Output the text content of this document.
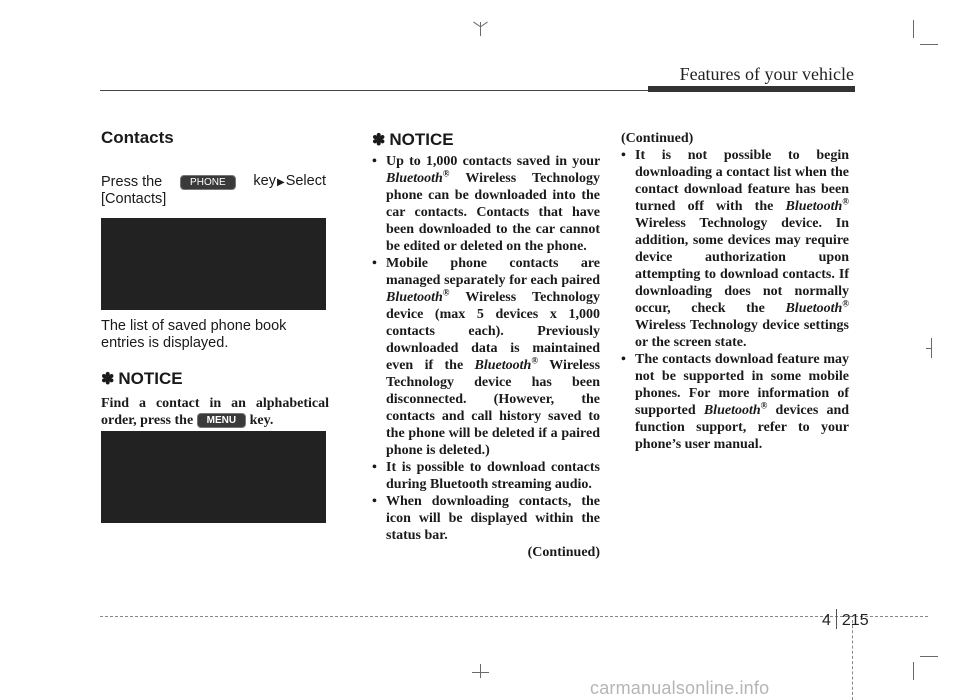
Features of your vehicle
Contacts
Press the	PHONE	key▶Select
[Contacts]
The list of saved phone book entries is displayed.
✽ NOTICE
Find a contact in an alphabetical order, press the MENU key.
✽ NOTICE
• Up to 1,000 contacts saved in your Bluetooth® Wireless Technology phone can be downloaded into the car contacts. Contacts that have been downloaded to the car cannot be edited or deleted on the phone.
• Mobile phone contacts are managed separately for each paired Bluetooth® Wireless Technology device (max 5 devices x 1,000 contacts each). Previously downloaded data is maintained even if the Bluetooth® Wireless Technology device has been disconnected. (However, the contacts and call history saved to the phone will be deleted if a paired phone is deleted.)
• It is possible to download contacts during Bluetooth streaming audio.
• When downloading contacts, the icon will be displayed within the status bar.
(Continued)
(Continued)
• It is not possible to begin downloading a contact list when the contact download feature has been turned off with the Bluetooth® Wireless Technology device. In addition, some devices may require device authorization upon attempting to download contacts. If downloading does not normally occur, check the Bluetooth® Wireless Technology device settings or the screen state.
• The contacts download feature may not be supported in some mobile phones. For more information of supported Bluetooth® devices and function support, refer to your phone’s user manual.
4 215
carmanualsonline.info
